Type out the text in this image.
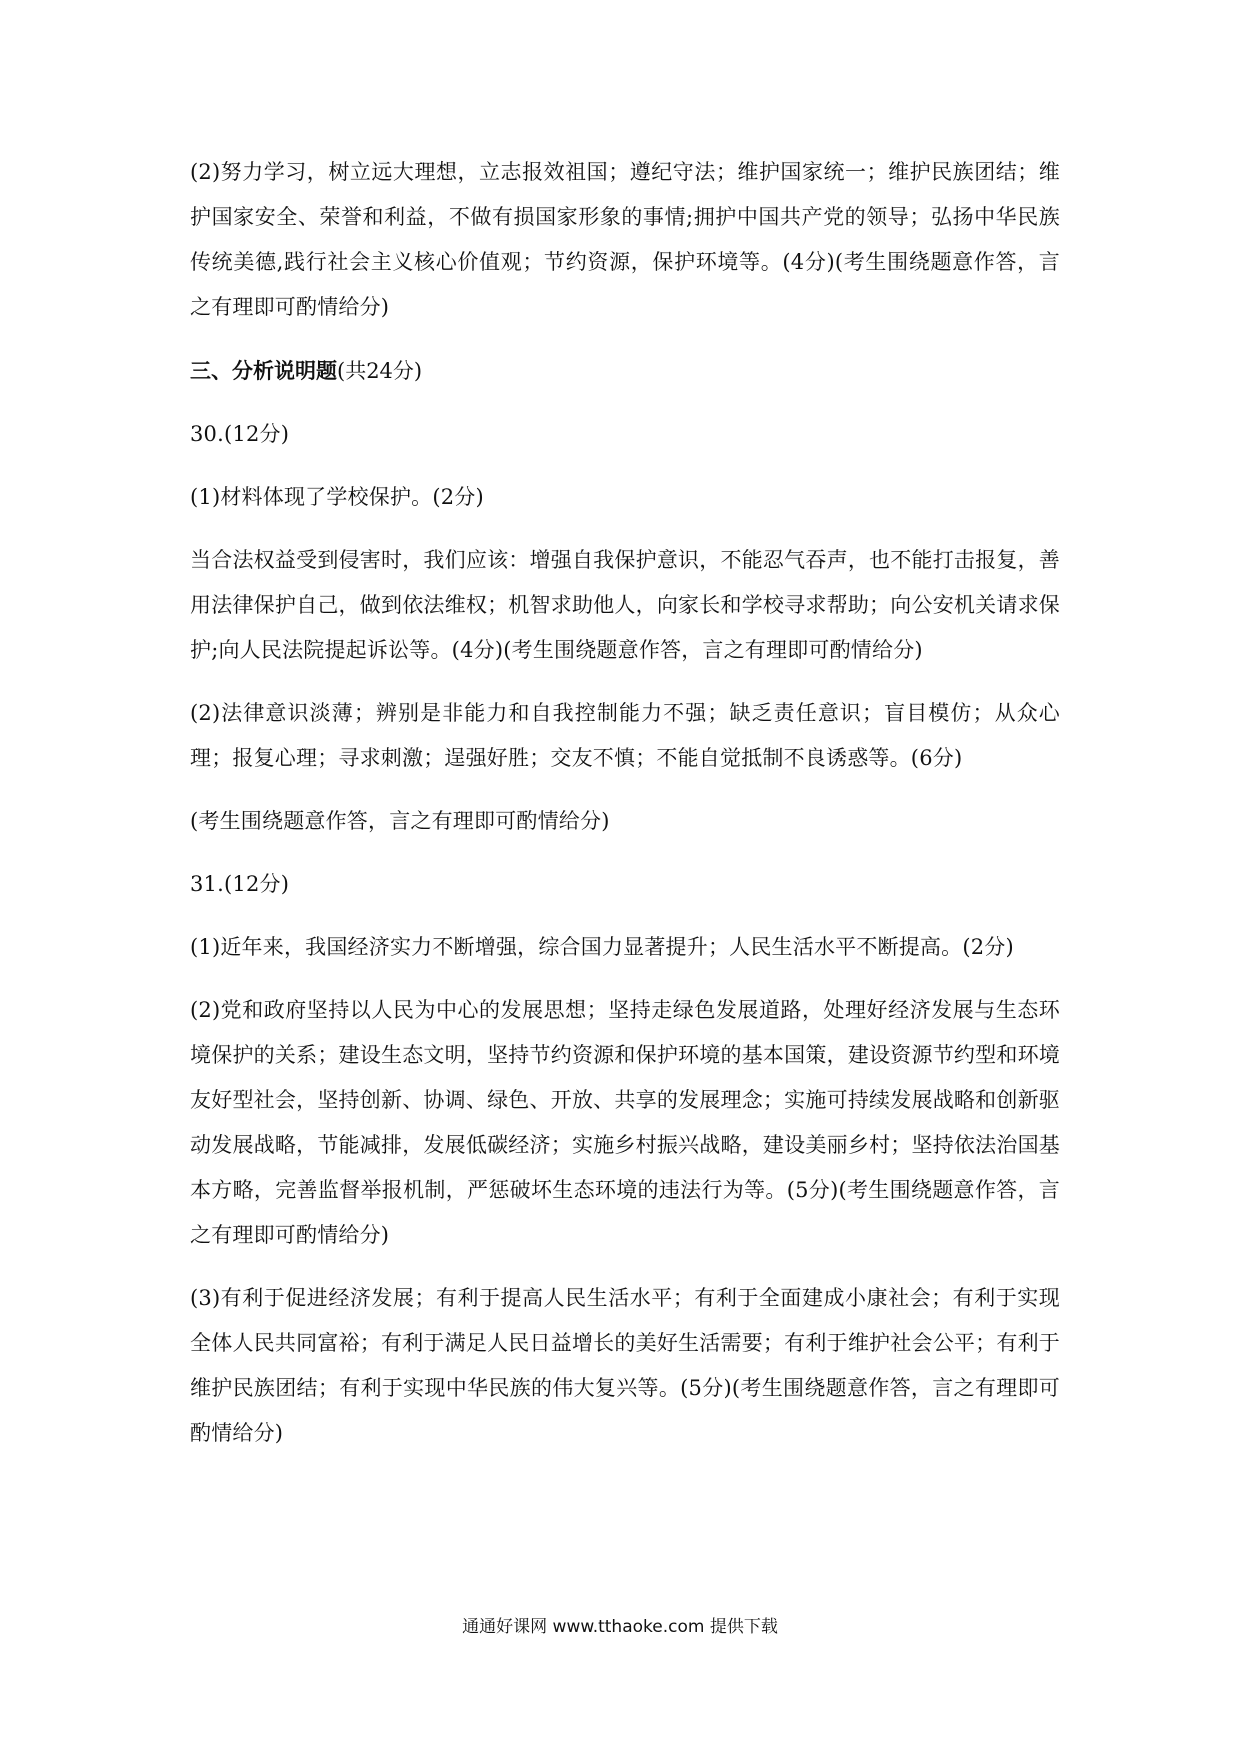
(2)努力学习，树立远大理想，立志报效祖国；遵纪守法；维护国家统一；维护民族团结；维护国家安全、荣誉和利益，不做有损国家形象的事情;拥护中国共产党的领导；弘扬中华民族传统美德,践行社会主义核心价值观；节约资源，保护环境等。(4分)(考生围绕题意作答，言之有理即可酌情给分)

三、分析说明题(共24分)

30.(12分)

(1)材料体现了学校保护。(2分)

当合法权益受到侵害时，我们应该：增强自我保护意识，不能忍气吞声，也不能打击报复，善用法律保护自己，做到依法维权；机智求助他人，向家长和学校寻求帮助；向公安机关请求保护;向人民法院提起诉讼等。(4分)(考生围绕题意作答，言之有理即可酌情给分)

(2)法律意识淡薄；辨别是非能力和自我控制能力不强；缺乏责任意识；盲目模仿；从众心理；报复心理；寻求刺激；逞强好胜；交友不慎；不能自觉抵制不良诱惑等。(6分)

(考生围绕题意作答，言之有理即可酌情给分)

31.(12分)

(1)近年来，我国经济实力不断增强，综合国力显著提升；人民生活水平不断提高。(2分)

(2)党和政府坚持以人民为中心的发展思想；坚持走绿色发展道路，处理好经济发展与生态环境保护的关系；建设生态文明，坚持节约资源和保护环境的基本国策，建设资源节约型和环境友好型社会，坚持创新、协调、绿色、开放、共享的发展理念；实施可持续发展战略和创新驱动发展战略，节能减排，发展低碳经济；实施乡村振兴战略，建设美丽乡村；坚持依法治国基本方略，完善监督举报机制，严惩破坏生态环境的违法行为等。(5分)(考生围绕题意作答，言之有理即可酌情给分)

(3)有利于促进经济发展；有利于提高人民生活水平；有利于全面建成小康社会；有利于实现全体人民共同富裕；有利于满足人民日益增长的美好生活需要；有利于维护社会公平；有利于维护民族团结；有利于实现中华民族的伟大复兴等。(5分)(考生围绕题意作答，言之有理即可酌情给分)

通通好课网 www.tthaoke.com 提供下载
